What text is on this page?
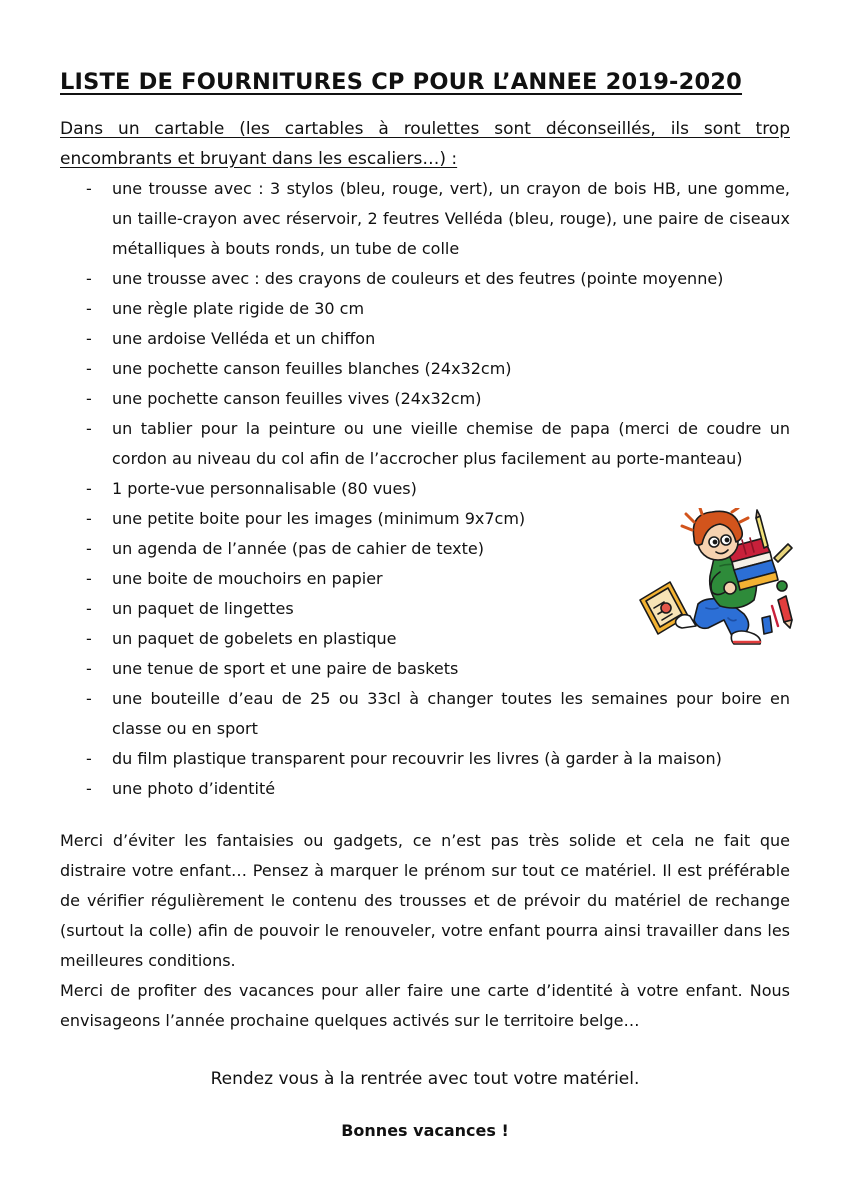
LISTE DE FOURNITURES CP POUR L’ANNEE 2019-2020
Dans un cartable (les cartables à roulettes sont déconseillés, ils sont trop encombrants et bruyant dans les escaliers…) :
- une trousse avec : 3 stylos (bleu, rouge, vert), un crayon de bois HB, une gomme, un taille-crayon avec réservoir, 2 feutres Velléda (bleu, rouge), une paire de ciseaux métalliques à bouts ronds, un tube de colle
- une trousse avec : des crayons de couleurs et des feutres (pointe moyenne)
- une règle plate rigide de 30 cm
- une ardoise Velléda et un chiffon
- une pochette canson feuilles blanches (24x32cm)
- une pochette canson feuilles vives (24x32cm)
- un tablier pour la peinture ou une vieille chemise de papa (merci de coudre un cordon au niveau du col afin de l’accrocher plus facilement au porte-manteau)
- 1 porte-vue personnalisable (80 vues)
- une petite boite pour les images (minimum 9x7cm)
- un agenda de l’année (pas de cahier de texte)
- une boite de mouchoirs en papier
- un paquet de lingettes
- un paquet de gobelets en plastique
- une tenue de sport et une paire de baskets
- une bouteille d’eau de 25 ou 33cl à changer toutes les semaines pour boire en classe ou en sport
- du film plastique transparent pour recouvrir les livres (à garder à la maison)
- une photo d’identité

Merci d’éviter les fantaisies ou gadgets, ce n’est pas très solide et cela ne fait que distraire votre enfant… Pensez à marquer le prénom sur tout ce matériel. Il est préférable de vérifier régulièrement le contenu des trousses et de prévoir du matériel de rechange (surtout la colle) afin de pouvoir le renouveler, votre enfant pourra ainsi travailler dans les meilleures conditions.

Merci de profiter des vacances pour aller faire une carte d’identité à votre enfant. Nous envisageons l’année prochaine quelques activés sur le territoire belge…

Rendez vous à la rentrée avec tout votre matériel.
Bonnes vacances !
